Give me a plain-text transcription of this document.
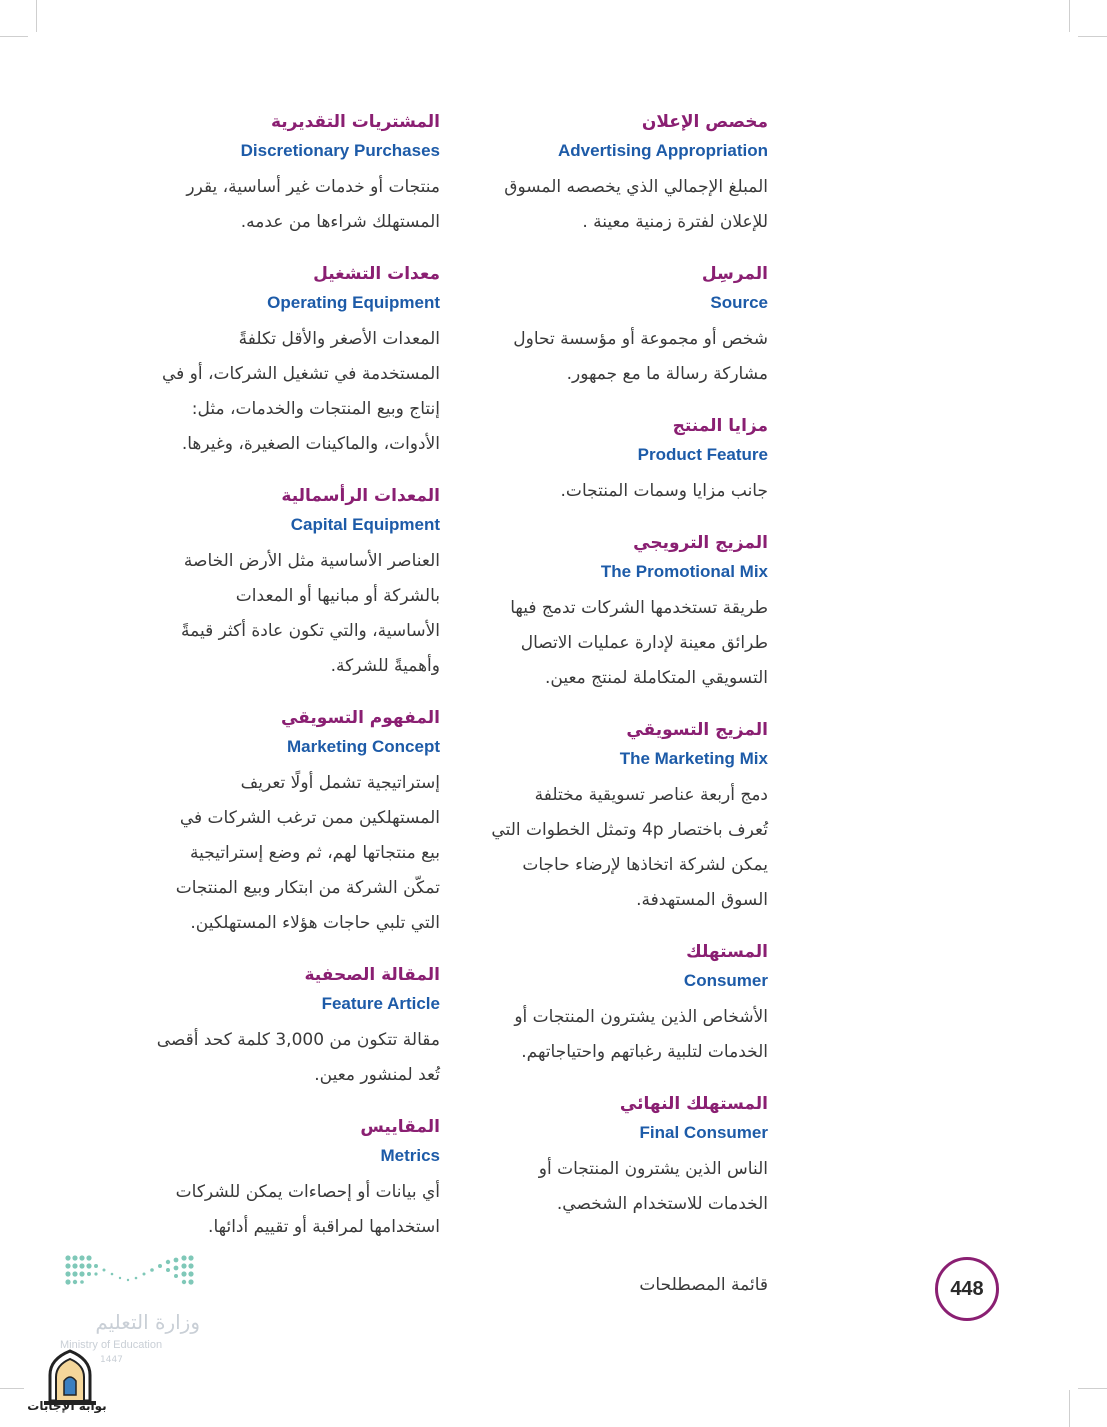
مخصص الإعلان

Advertising Appropriation

المبلغ الإجمالي الذي يخصصه المسوق
للإعلان لفترة زمنية معينة .

المرسِل

Source

شخص أو مجموعة أو مؤسسة تحاول
مشاركة رسالة ما مع جمهور.

مزايا المنتج

Product Feature

جانب مزايا وسمات المنتجات.

المزيج الترويجي

The Promotional Mix

طريقة تستخدمها الشركات تدمج فيها
طرائق معينة لإدارة عمليات الاتصال
التسويقي المتكاملة لمنتج معين.

المزيج التسويقي

The Marketing Mix

دمج أربعة عناصر تسويقية مختلفة
تُعرف باختصار 4p وتمثل الخطوات التي
يمكن لشركة اتخاذها لإرضاء حاجات
السوق المستهدفة.

المستهلك

Consumer

الأشخاص الذين يشترون المنتجات أو
الخدمات لتلبية رغباتهم واحتياجاتهم.

المستهلك النهائي

Final Consumer

الناس الذين يشترون المنتجات أو
الخدمات للاستخدام الشخصي.

المشتريات التقديرية

Discretionary Purchases

منتجات أو خدمات غير أساسية، يقرر
المستهلك شراءها من عدمه.

معدات التشغيل

Operating Equipment

المعدات الأصغر والأقل تكلفةً
المستخدمة في تشغيل الشركات، أو في
إنتاج وبيع المنتجات والخدمات، مثل:
الأدوات، والماكينات الصغيرة، وغيرها.

المعدات الرأسمالية

Capital Equipment

العناصر الأساسية مثل الأرض الخاصة
بالشركة أو مبانيها أو المعدات
الأساسية، والتي تكون عادة أكثر قيمةً
وأهميةً للشركة.

المفهوم التسويقي

Marketing Concept

إستراتيجية تشمل أولًا تعريف
المستهلكين ممن ترغب الشركات في
بيع منتجاتها لهم، ثم وضع إستراتيجية
تمكّن الشركة من ابتكار وبيع المنتجات
التي تلبي حاجات هؤلاء المستهلكين.

المقالة الصحفية

Feature Article

مقالة تتكون من 3,000 كلمة كحد أقصى
تُعد لمنشور معين.

المقاييس

Metrics

أي بيانات أو إحصاءات يمكن للشركات
استخدامها لمراقبة أو تقييم أدائها.
قائمة المصطلحات	448
وزارة التعليم
Ministry of Education
1447
بوابة الإجابات
